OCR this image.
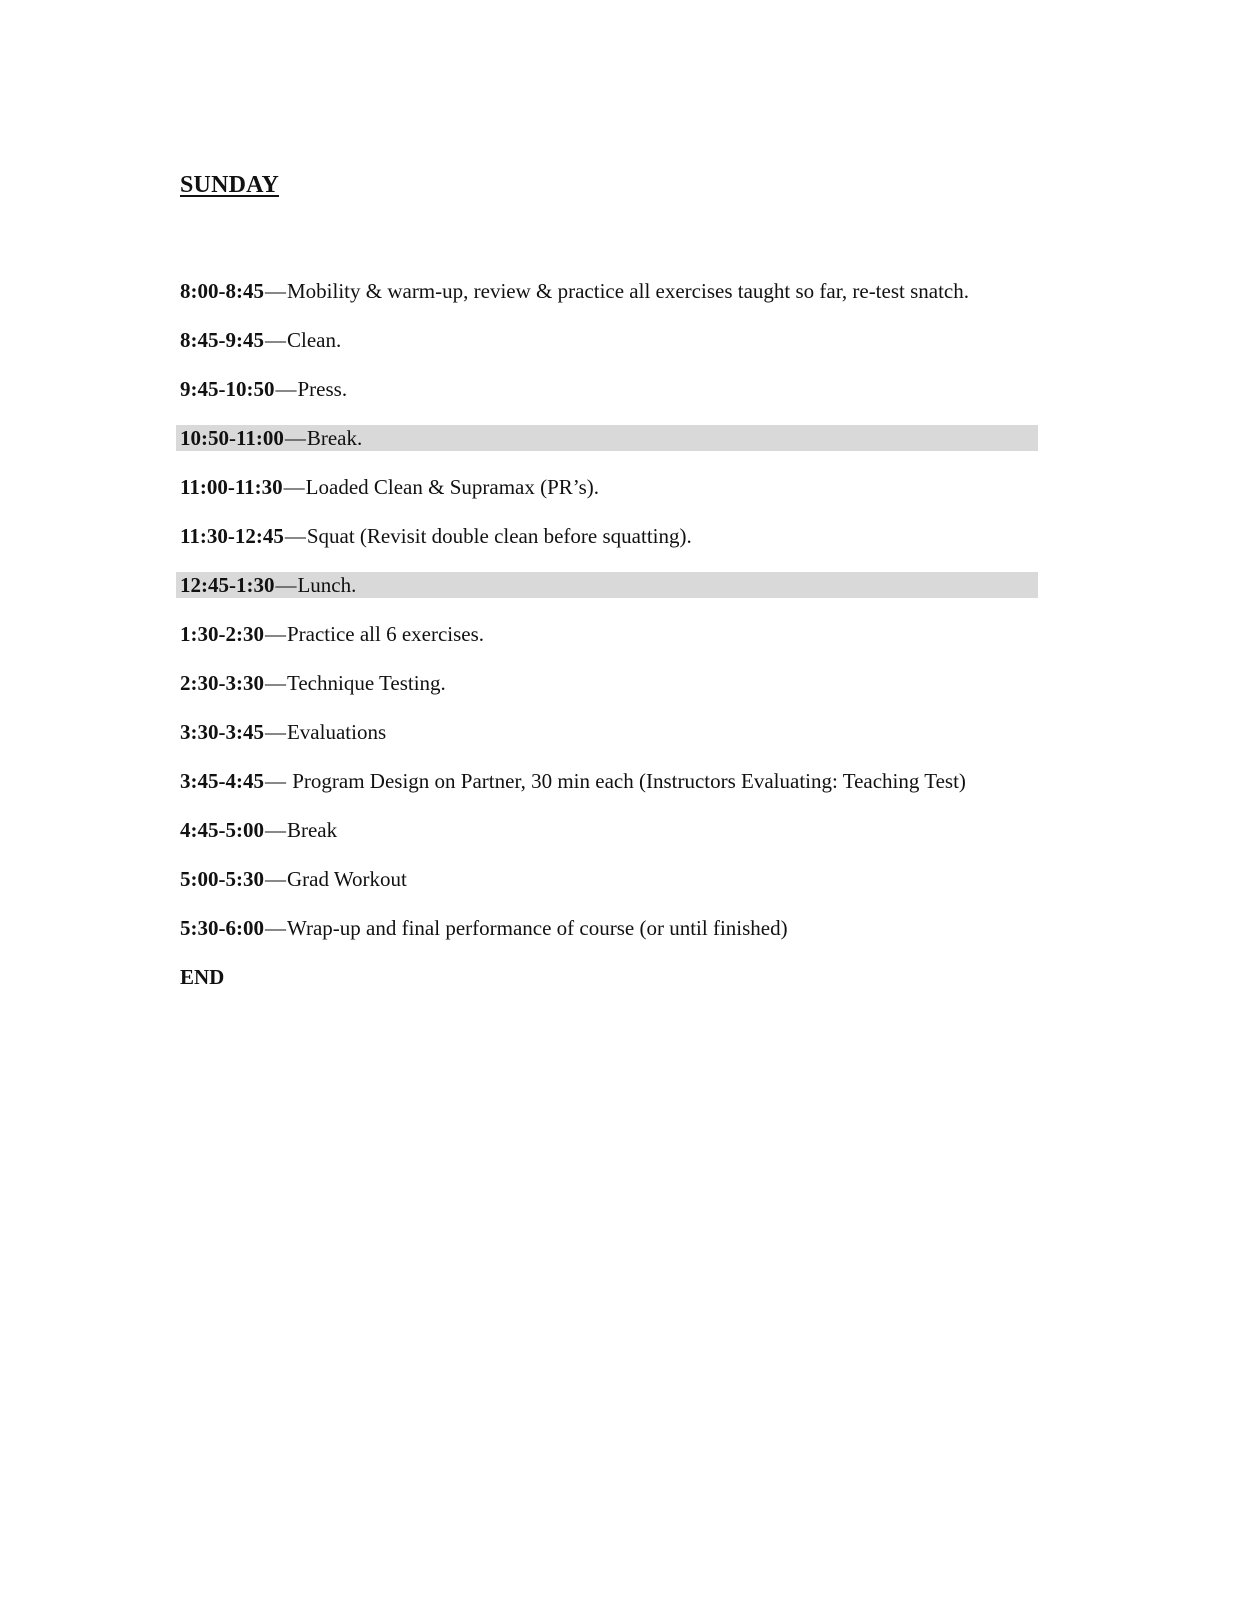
SUNDAY
8:00-8:45—Mobility & warm-up, review & practice all exercises taught so far, re-test snatch.
8:45-9:45—Clean.
9:45-10:50—Press.
10:50-11:00—Break.
11:00-11:30—Loaded Clean & Supramax (PR’s).
11:30-12:45—Squat (Revisit double clean before squatting).
12:45-1:30—Lunch.
1:30-2:30—Practice all 6 exercises.
2:30-3:30—Technique Testing.
3:30-3:45—Evaluations
3:45-4:45— Program Design on Partner, 30 min each (Instructors Evaluating: Teaching Test)
4:45-5:00—Break
5:00-5:30—Grad Workout
5:30-6:00—Wrap-up and final performance of course (or until finished)
END
